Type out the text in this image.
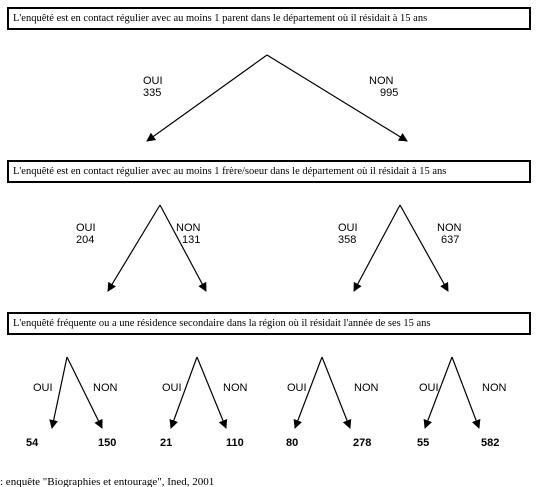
L'enquêté est en contact régulier avec au moins 1 parent dans le département où il résidait à 15 ans
L'enquêté est en contact régulier avec au moins 1 frère/soeur dans le département où il résidait à 15 ans
L'enquêté fréquente ou a une résidence secondaire dans la région où il résidait l'année de ses 15 ans
OUI
335
NON
995
OUI
204
NON
131
OUI
358
NON
637
OUI	NON	OUI	NON	OUI	NON	OUI	NON
54	150	21	110	80	278	55	582
: enquête "Biographies et entourage", Ined, 2001
